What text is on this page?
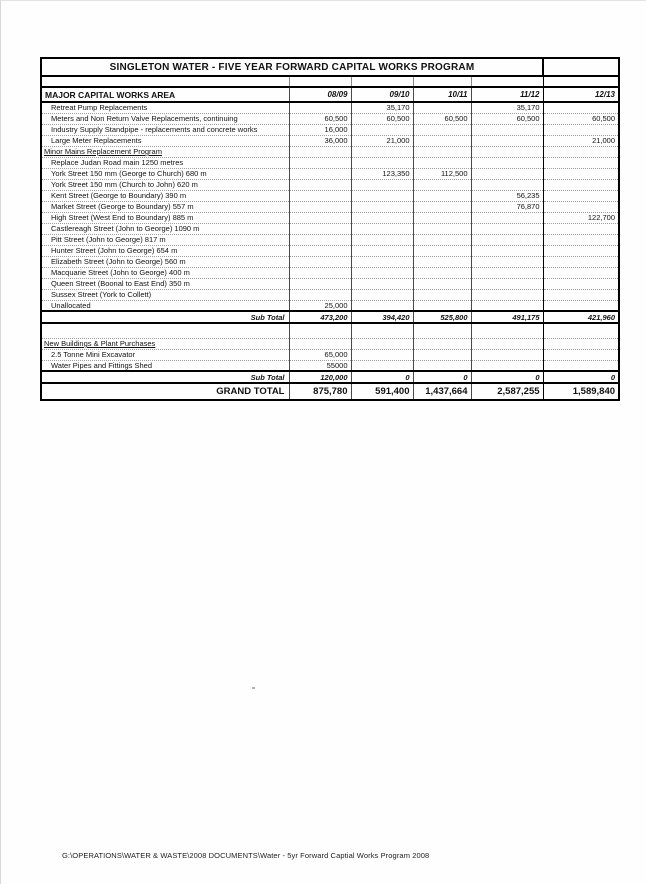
SINGLETON WATER - FIVE YEAR FORWARD CAPITAL WORKS PROGRAM					

MAJOR CAPITAL WORKS AREA	08/09	09/10	10/11	11/12	12/13
Retreat Pump Replacements		35,170		35,170	
Meters and Non Return Valve Replacements, continuing	60,500	60,500	60,500	60,500	60,500
Industry Supply Standpipe - replacements and concrete works	16,000				
Large Meter Replacements	36,000	21,000			21,000
Minor Mains Replacement Program					
Replace Judan Road main 1250 metres					
York Street 150 mm (George to Church) 680 m		123,350	112,500		
York Street 150 mm (Church to John) 620 m					
Kent Street (George to Boundary) 390 m				56,235	
Market Street (George to Boundary) 557 m				76,870	
High Street (West End to Boundary) 885 m					122,700
Castlereagh Street (John to George) 1090 m					
Pitt Street (John to George) 817 m					
Hunter Street (John to George) 654 m					
Elizabeth Street (John to George) 560 m					
Macquarie Street (John to George) 400 m					
Queen Street (Boonal to East End) 350 m					
Sussex Street (York to Collett)					
Unallocated	25,000				
Sub Total	473,200	394,420	525,800	491,175	421,960

New Buildings & Plant Purchases					
2.5 Tonne Mini Excavator	65,000				
Water Pipes and Fittings Shed	55000				
Sub Total	120,000	0	0	0	0
GRAND TOTAL	875,780	591,400	1,437,664	2,587,255	1,589,840
G:\OPERATIONS\WATER & WASTE\2008 DOCUMENTS\Water - 5yr Forward Captial Works Program 2008
